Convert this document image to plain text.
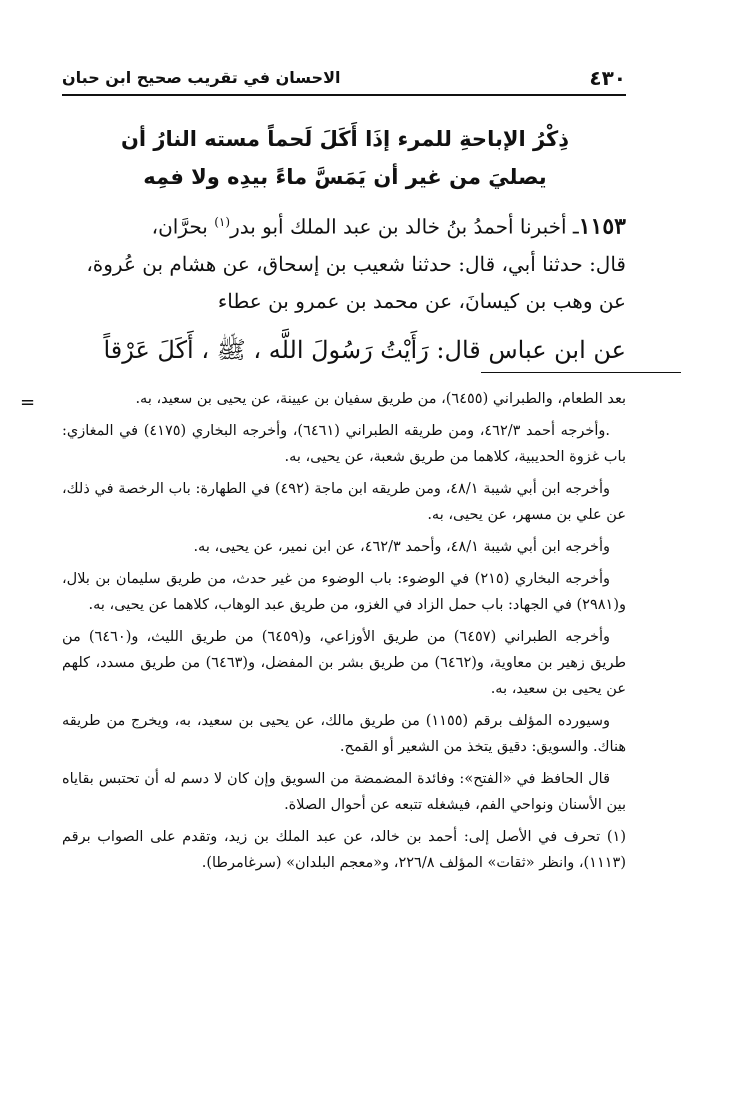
٤٣٠
الاحسان في تقريب صحيح ابن حبان
ذِكْرُ الإباحةِ للمرء إذَا أَكَلَ لَحماً مسته النارُ أن
يصليَ من غير أن يَمَسَّ ماءً بيدِه ولا فمِه

١١٥٣ـ أخبرنا أحمدُ بنُ خالد بن عبد الملك أبو بدر$^{(١)}$ بحرَّان،

قال: حدثنا أبي، قال: حدثنا شعيب بن إسحاق، عن هشام بن عُروة،

عن وهب بن كيسانَ، عن محمد بن عمرو بن عطاء

عن ابن عباس قال: رَأَيْتُ رَسُولَ اللَّه ، ﷺ ، أَكَلَ عَرْقاً

=	بعد الطعام، والطبراني (٦٤٥٥)، من طريق سفيان بن عيينة، عن يحيى بن سعيد، به.

.وأخرجه أحمد ٤٦٢/٣، ومن طريقه الطبراني (٦٤٦١)، وأخرجه البخاري (٤١٧٥) في المغازي: باب غزوة الحديبية، كلاهما من طريق شعبة، عن يحيى، به.

وأخرجه ابن أبي شيبة ٤٨/١، ومن طريقه ابن ماجة (٤٩٢) في الطهارة: باب الرخصة في ذلك، عن علي بن مسهر، عن يحيى، به.

وأخرجه ابن أبي شيبة ٤٨/١، وأحمد ٤٦٢/٣، عن ابن نمير، عن يحيى، به.

وأخرجه البخاري (٢١٥) في الوضوء: باب الوضوء من غير حدث، من طريق سليمان بن بلال، و(٢٩٨١) في الجهاد: باب حمل الزاد في الغزو، من طريق عبد الوهاب، كلاهما عن يحيى، به.

وأخرجه الطبراني (٦٤٥٧) من طريق الأوزاعي، و(٦٤٥٩) من طريق الليث، و(٦٤٦٠) من طريق زهير بن معاوية، و(٦٤٦٢) من طريق بشر بن المفضل، و(٦٤٦٣) من طريق مسدد، كلهم عن يحيى بن سعيد، به.

وسيورده المؤلف برقم (١١٥٥) من طريق مالك، عن يحيى بن سعيد، به، ويخرج من طريقه هناك. والسويق: دقيق يتخذ من الشعير أو القمح.

قال الحافظ في «الفتح»: وفائدة المضمضة من السويق وإن كان لا دسم له أن تحتبس بقاياه بين الأسنان ونواحي الفم، فيشغله تتبعه عن أحوال الصلاة.

(١) تحرف في الأصل إلى: أحمد بن خالد، عن عبد الملك بن زيد، وتقدم على الصواب برقم (١١١٣)، وانظر «ثقات» المؤلف ٢٢٦/٨، و«معجم البلدان» (سرغامرطا).
